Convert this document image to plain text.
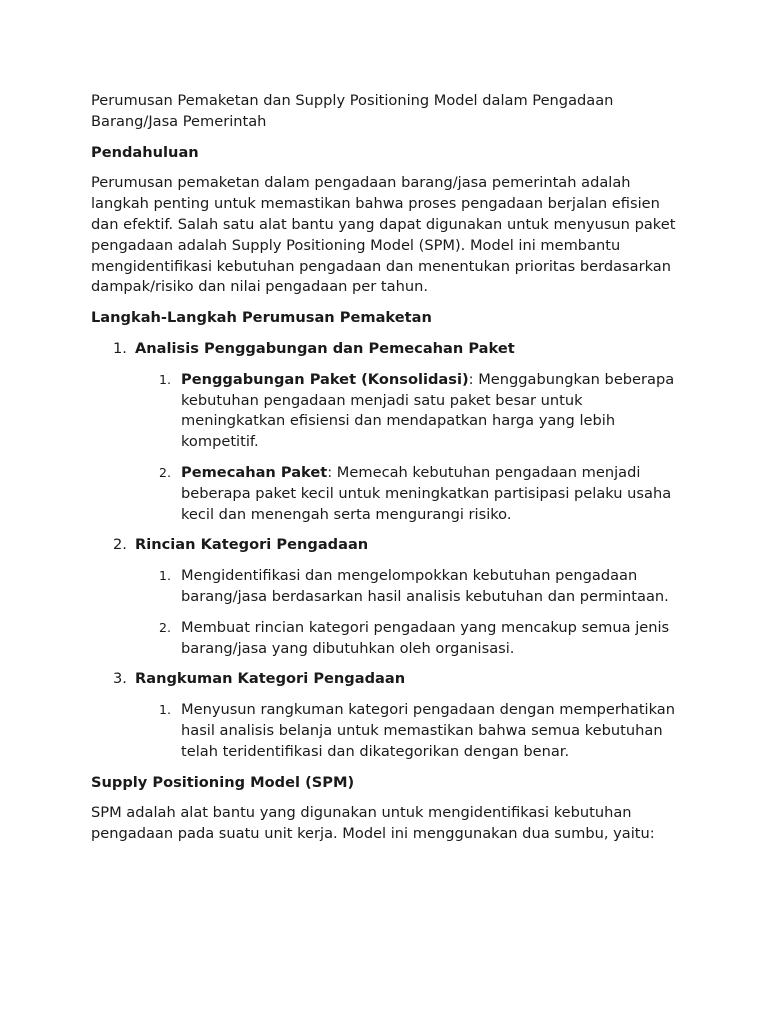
Perumusan Pemaketan dan Supply Positioning Model dalam Pengadaan Barang/Jasa Pemerintah

Pendahuluan

Perumusan pemaketan dalam pengadaan barang/jasa pemerintah adalah langkah penting untuk memastikan bahwa proses pengadaan berjalan efisien dan efektif. Salah satu alat bantu yang dapat digunakan untuk menyusun paket pengadaan adalah Supply Positioning Model (SPM). Model ini membantu mengidentifikasi kebutuhan pengadaan dan menentukan prioritas berdasarkan dampak/risiko dan nilai pengadaan per tahun.

Langkah-Langkah Perumusan Pemaketan

1. Analisis Penggabungan dan Pemecahan Paket
1. Penggabungan Paket (Konsolidasi): Menggabungkan beberapa kebutuhan pengadaan menjadi satu paket besar untuk meningkatkan efisiensi dan mendapatkan harga yang lebih kompetitif.
2. Pemecahan Paket: Memecah kebutuhan pengadaan menjadi beberapa paket kecil untuk meningkatkan partisipasi pelaku usaha kecil dan menengah serta mengurangi risiko.
2. Rincian Kategori Pengadaan
1. Mengidentifikasi dan mengelompokkan kebutuhan pengadaan barang/jasa berdasarkan hasil analisis kebutuhan dan permintaan.
2. Membuat rincian kategori pengadaan yang mencakup semua jenis barang/jasa yang dibutuhkan oleh organisasi.
3. Rangkuman Kategori Pengadaan
1. Menyusun rangkuman kategori pengadaan dengan memperhatikan hasil analisis belanja untuk memastikan bahwa semua kebutuhan telah teridentifikasi dan dikategorikan dengan benar.

Supply Positioning Model (SPM)

SPM adalah alat bantu yang digunakan untuk mengidentifikasi kebutuhan pengadaan pada suatu unit kerja. Model ini menggunakan dua sumbu, yaitu:
